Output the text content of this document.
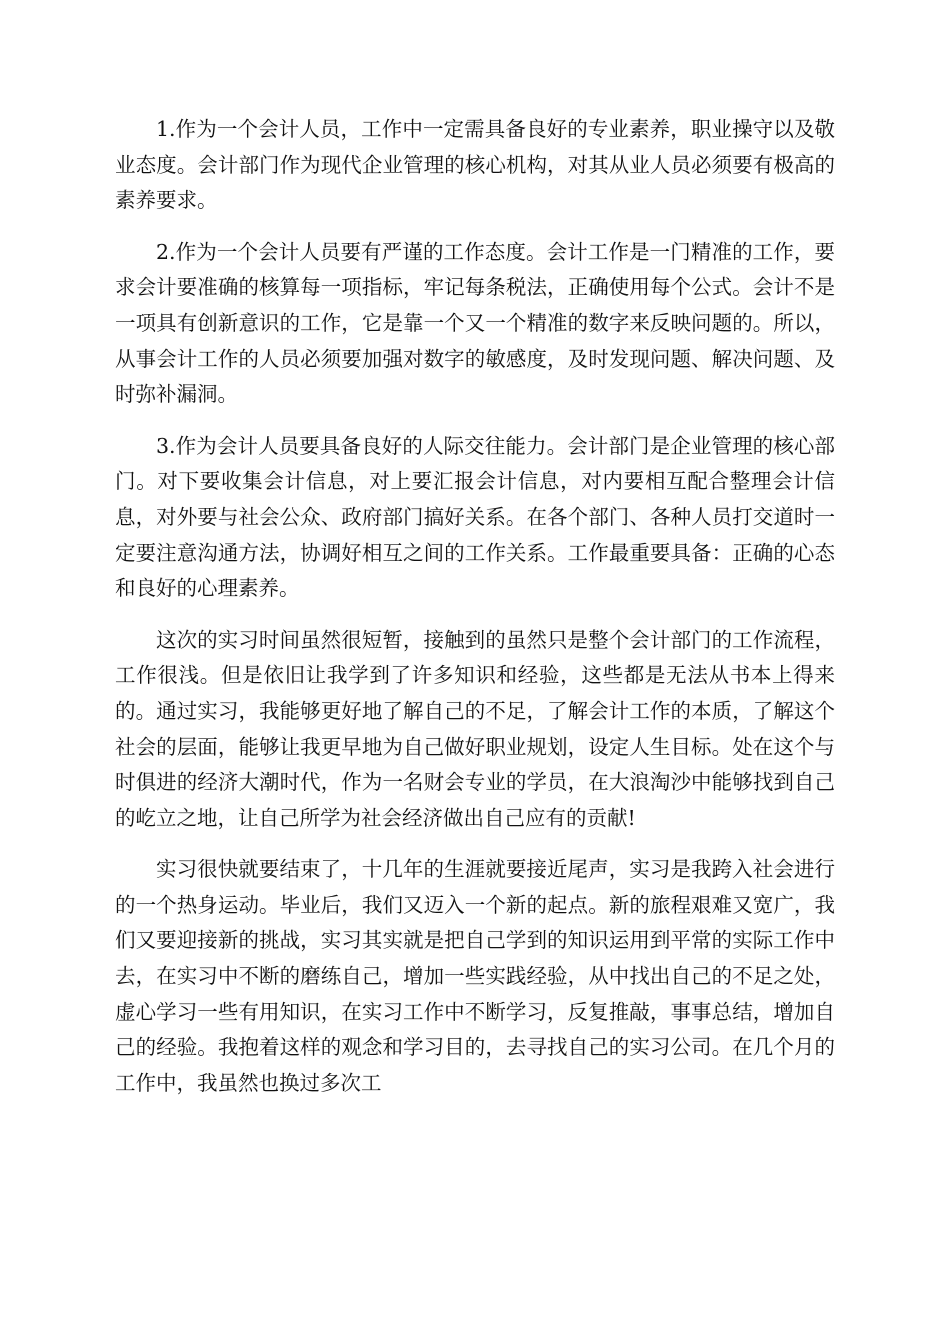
1.作为一个会计人员，工作中一定需具备良好的专业素养，职业操守以及敬业态度。会计部门作为现代企业管理的核心机构，对其从业人员必须要有极高的素养要求。

2.作为一个会计人员要有严谨的工作态度。会计工作是一门精准的工作，要求会计要准确的核算每一项指标，牢记每条税法，正确使用每个公式。会计不是一项具有创新意识的工作，它是靠一个又一个精准的数字来反映问题的。所以，从事会计工作的人员必须要加强对数字的敏感度，及时发现问题、解决问题、及时弥补漏洞。

3.作为会计人员要具备良好的人际交往能力。会计部门是企业管理的核心部门。对下要收集会计信息，对上要汇报会计信息，对内要相互配合整理会计信息，对外要与社会公众、政府部门搞好关系。在各个部门、各种人员打交道时一定要注意沟通方法，协调好相互之间的工作关系。工作最重要具备：正确的心态和良好的心理素养。

这次的实习时间虽然很短暂，接触到的虽然只是整个会计部门的工作流程，工作很浅。但是依旧让我学到了许多知识和经验，这些都是无法从书本上得来的。通过实习，我能够更好地了解自己的不足，了解会计工作的本质，了解这个社会的层面，能够让我更早地为自己做好职业规划，设定人生目标。处在这个与时俱进的经济大潮时代，作为一名财会专业的学员，在大浪淘沙中能够找到自己的屹立之地，让自己所学为社会经济做出自己应有的贡献!

实习很快就要结束了，十几年的生涯就要接近尾声，实习是我跨入社会进行的一个热身运动。毕业后，我们又迈入一个新的起点。新的旅程艰难又宽广，我们又要迎接新的挑战，实习其实就是把自己学到的知识运用到平常的实际工作中去，在实习中不断的磨练自己，增加一些实践经验，从中找出自己的不足之处，虚心学习一些有用知识，在实习工作中不断学习，反复推敲，事事总结，增加自己的经验。我抱着这样的观念和学习目的，去寻找自己的实习公司。在几个月的工作中，我虽然也换过多次工
